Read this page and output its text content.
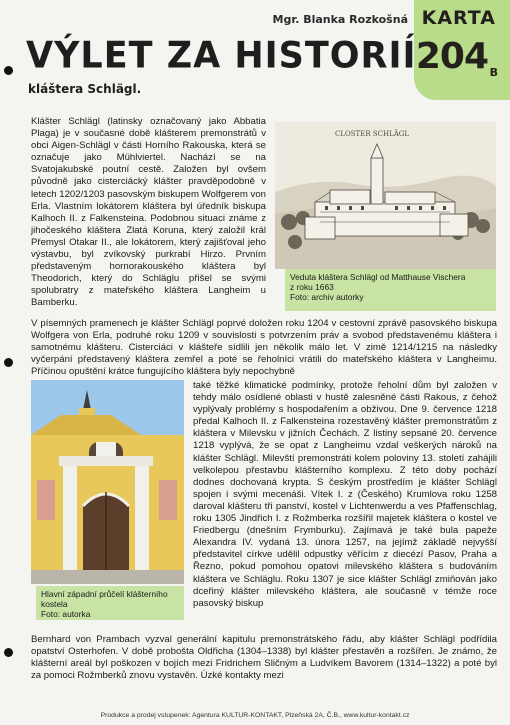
KARTA
204 B
Mgr. Blanka Rozkošná
VÝLET ZA HISTORIÍ
kláštera Schlägl.
Klášter Schlägl (latinsky označovaný jako Abbatia Plaga) je v současné době klášterem premonstrátů v obci Aigen-Schlägl v části Horního Rakouska, která se označuje jako Mühlviertel. Nachází se na Svatojakubské poutní cestě. Založen byl ovšem původně jako cisterciácký klášter pravděpodobně v letech 1202/1203 pasovským biskupem Wolfgerem von Erla. Vlastním lokátorem kláštera byl úředník biskupa Kalhoch II. z Falkensteina. Podobnou situaci známe z jihočeského kláštera Zlatá Koruna, který založil král Přemysl Otakar II., ale lokátorem, který zajišťoval jeho výstavbu, byl zvíkovský purkrabí Hirzo. Prvním představeným hornorakouského kláštera byl Theodorich, který do Schläglu přišel se svými spolubratry z mateřského kláštera Langheim u Bamberku.
CLOSTER SCHLÄGL
Veduta kláštera Schlägl od Matthause Vischera
z roku 1663
Foto: archiv autorky
V písemných pramenech je klášter Schlägl poprvé doložen roku 1204 v cestovní zprávě pasovského biskupa Wolfgera von Erla, podruhé roku 1209 v souvislosti s potvrzením práv a svobod představenému kláštera i samotnému klášteru. Cisterciáci v klášteře sídlili jen několik málo let. V zimě 1214/1215 na následky vyčerpání představený kláštera zemřel a poté se řeholníci vrátili do mateřského kláštera v Langheimu. Příčinou opuštění krátce fungujícího kláštera byly nepochybně
Hlavní západní průčelí klášterního
kostela
Foto: autorka
také těžké klimatické podmínky, protože řeholní dům byl založen v tehdy málo osídlené oblasti v hustě zalesněné části Rakous, z čehož vyplývaly problémy s hospodařením a obživou. Dne 9. července 1218 předal Kalhoch II. z Falkensteina rozestavěný klášter premonstrátům z kláštera v Milevsku v jižních Čechách. Z listiny sepsané 20. července 1218 vyplývá, že se opat z Langheimu vzdal veškerých nároků na klášter Schlägl. Milevští premonstráti kolem poloviny 13. století zahájili velkolepou přestavbu klášterního komplexu. Z této doby pochází dodnes dochovaná krypta. S českým prostředím je klášter Schlägl spojen i svými mecenáši. Vítek I. z (Českého) Krumlova roku 1258 daroval klášteru tři panství, kostel v Lichtenwerdu a ves Pfaffenschlag, roku 1305 Jindřich I. z Rožmberka rozšířil majetek kláštera o kostel ve Friedbergu (dnešním Frymburku). Zajímavá je také bula papeže Alexandra IV. vydaná 13. února 1257, na jejímž základě nejvyšší představitel církve udělil odpustky věřícím z diecézí Pasov, Praha a Řezno, pokud pomohou opatovi milevského kláštera s budováním kláštera ve Schläglu. Roku 1307 je sice klášter Schlägl zmiňován jako dceřiný klášter milevského kláštera, ale současně v témže roce pasovský biskup
Bernhard von Prambach vyzval generální kapitulu premonstrátského řádu, aby klášter Schlägl podřídila opatství Osterhofen. V době proboštа Oldřicha (1304–1338) byl klášter přestavěn a rozšířen. Je známo, že klášterní areál byl poškozen v bojích mezi Fridrichem Sličným a Ludvíkem Bavorem (1314–1322) a poté byl za pomoci Rožmberků znovu vystavěn. Úzké kontakty mezi
Produkce a prodej vstupenek: Agentura KULTUR-KONTAKT, Plzeňská 2A, Č.B., www.kultur-kontakt.cz
